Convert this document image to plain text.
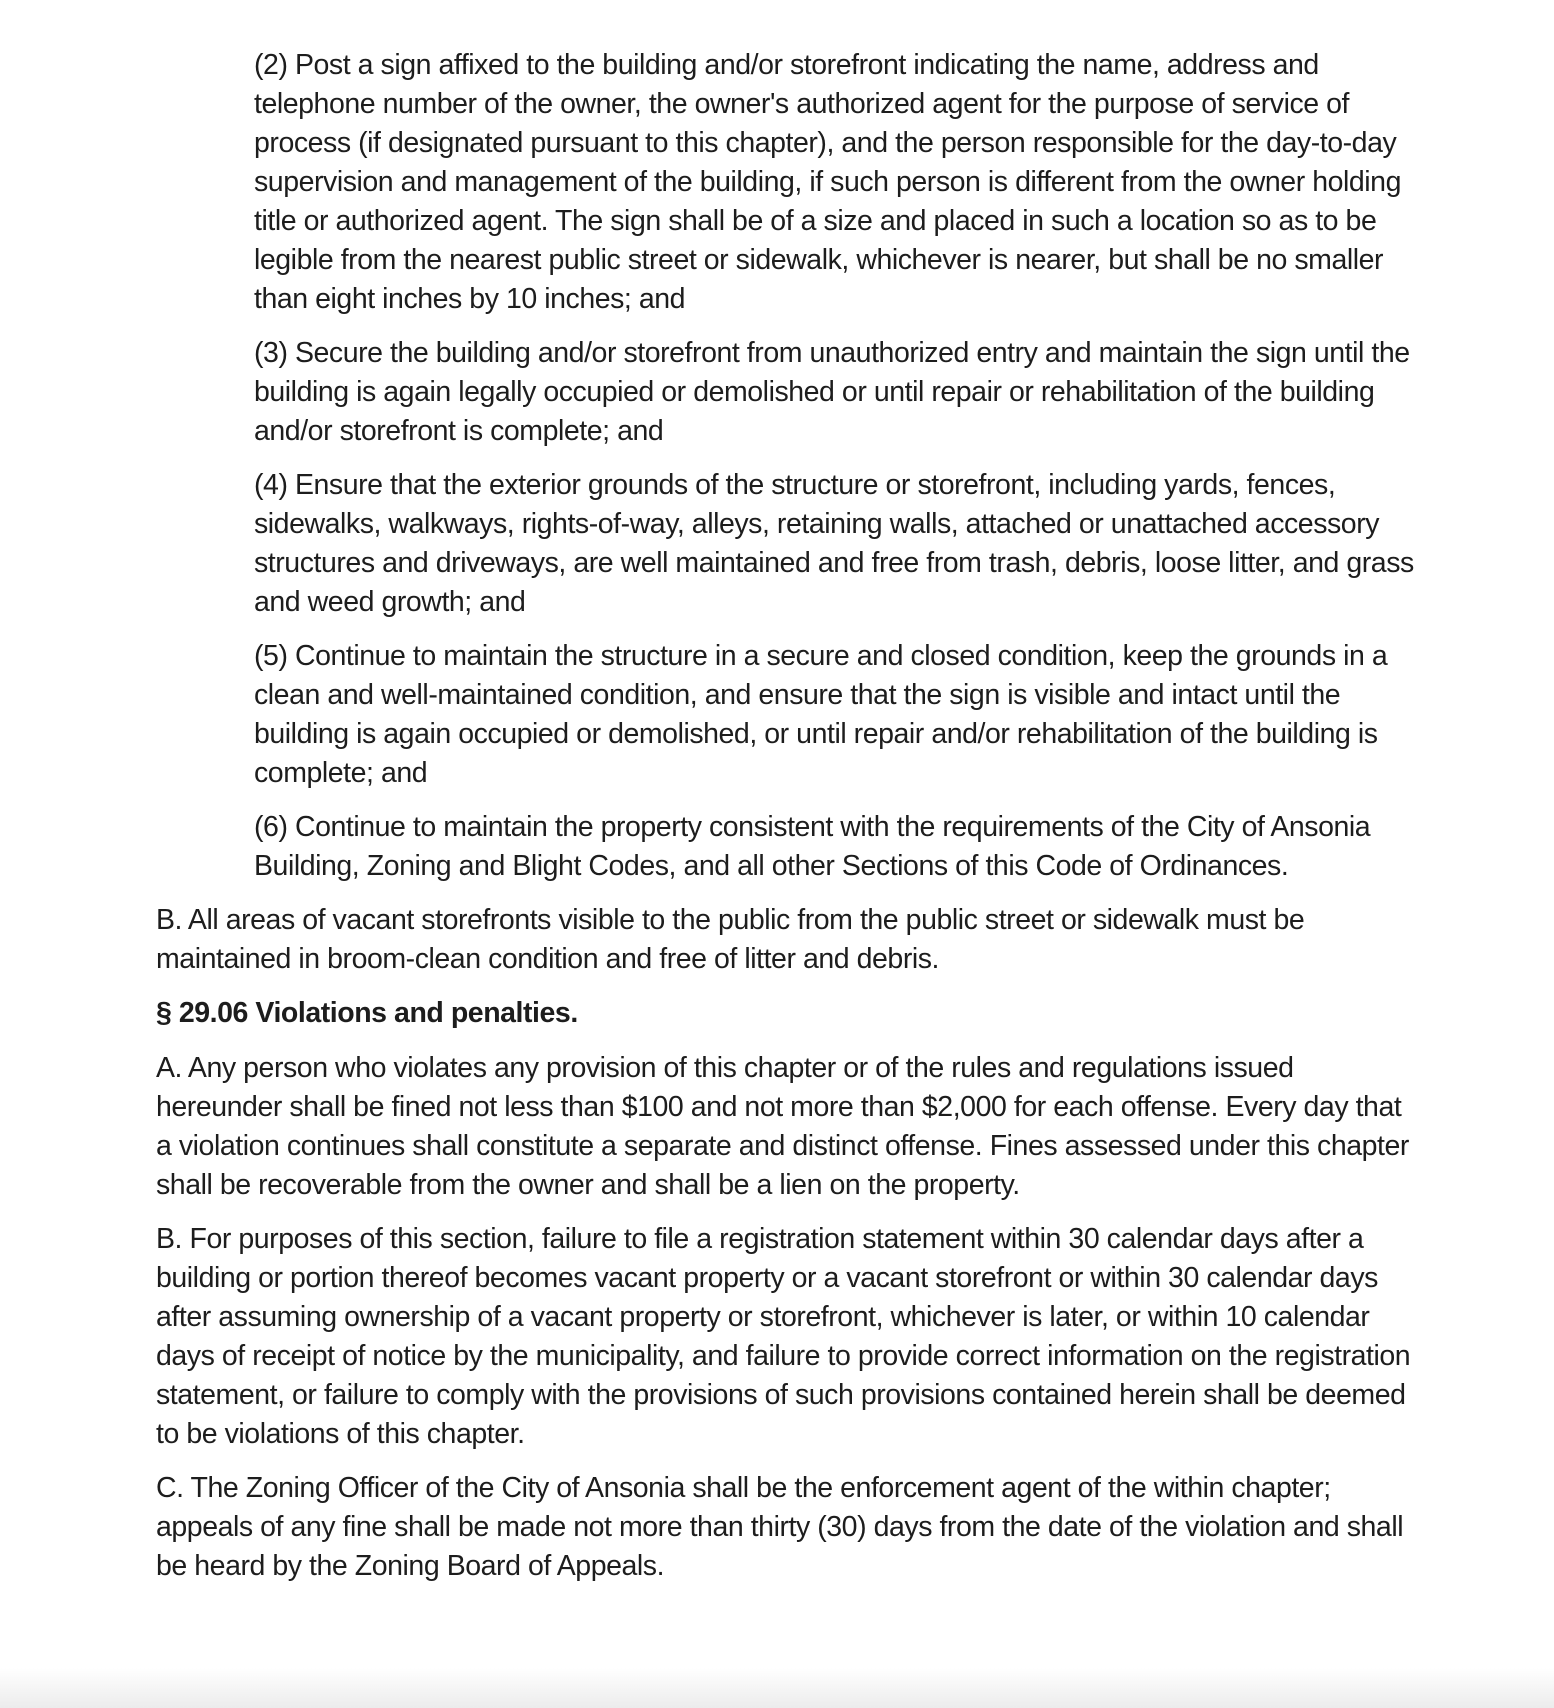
(2) Post a sign affixed to the building and/or storefront indicating the name, address and telephone number of the owner, the owner's authorized agent for the purpose of service of process (if designated pursuant to this chapter), and the person responsible for the day-to-day supervision and management of the building, if such person is different from the owner holding title or authorized agent. The sign shall be of a size and placed in such a location so as to be legible from the nearest public street or sidewalk, whichever is nearer, but shall be no smaller than eight inches by 10 inches; and

(3) Secure the building and/or storefront from unauthorized entry and maintain the sign until the building is again legally occupied or demolished or until repair or rehabilitation of the building and/or storefront is complete; and

(4) Ensure that the exterior grounds of the structure or storefront, including yards, fences, sidewalks, walkways, rights-of-way, alleys, retaining walls, attached or unattached accessory structures and driveways, are well maintained and free from trash, debris, loose litter, and grass and weed growth; and

(5) Continue to maintain the structure in a secure and closed condition, keep the grounds in a clean and well-maintained condition, and ensure that the sign is visible and intact until the building is again occupied or demolished, or until repair and/or rehabilitation of the building is complete; and

(6) Continue to maintain the property consistent with the requirements of the City of Ansonia Building, Zoning and Blight Codes, and all other Sections of this Code of Ordinances.

B. All areas of vacant storefronts visible to the public from the public street or sidewalk must be maintained in broom-clean condition and free of litter and debris.

§ 29.06 Violations and penalties.

A. Any person who violates any provision of this chapter or of the rules and regulations issued hereunder shall be fined not less than $100 and not more than $2,000 for each offense. Every day that a violation continues shall constitute a separate and distinct offense. Fines assessed under this chapter shall be recoverable from the owner and shall be a lien on the property.

B. For purposes of this section, failure to file a registration statement within 30 calendar days after a building or portion thereof becomes vacant property or a vacant storefront or within 30 calendar days after assuming ownership of a vacant property or storefront, whichever is later, or within 10 calendar days of receipt of notice by the municipality, and failure to provide correct information on the registration statement, or failure to comply with the provisions of such provisions contained herein shall be deemed to be violations of this chapter.

C. The Zoning Officer of the City of Ansonia shall be the enforcement agent of the within chapter; appeals of any fine shall be made not more than thirty (30) days from the date of the violation and shall be heard by the Zoning Board of Appeals.
